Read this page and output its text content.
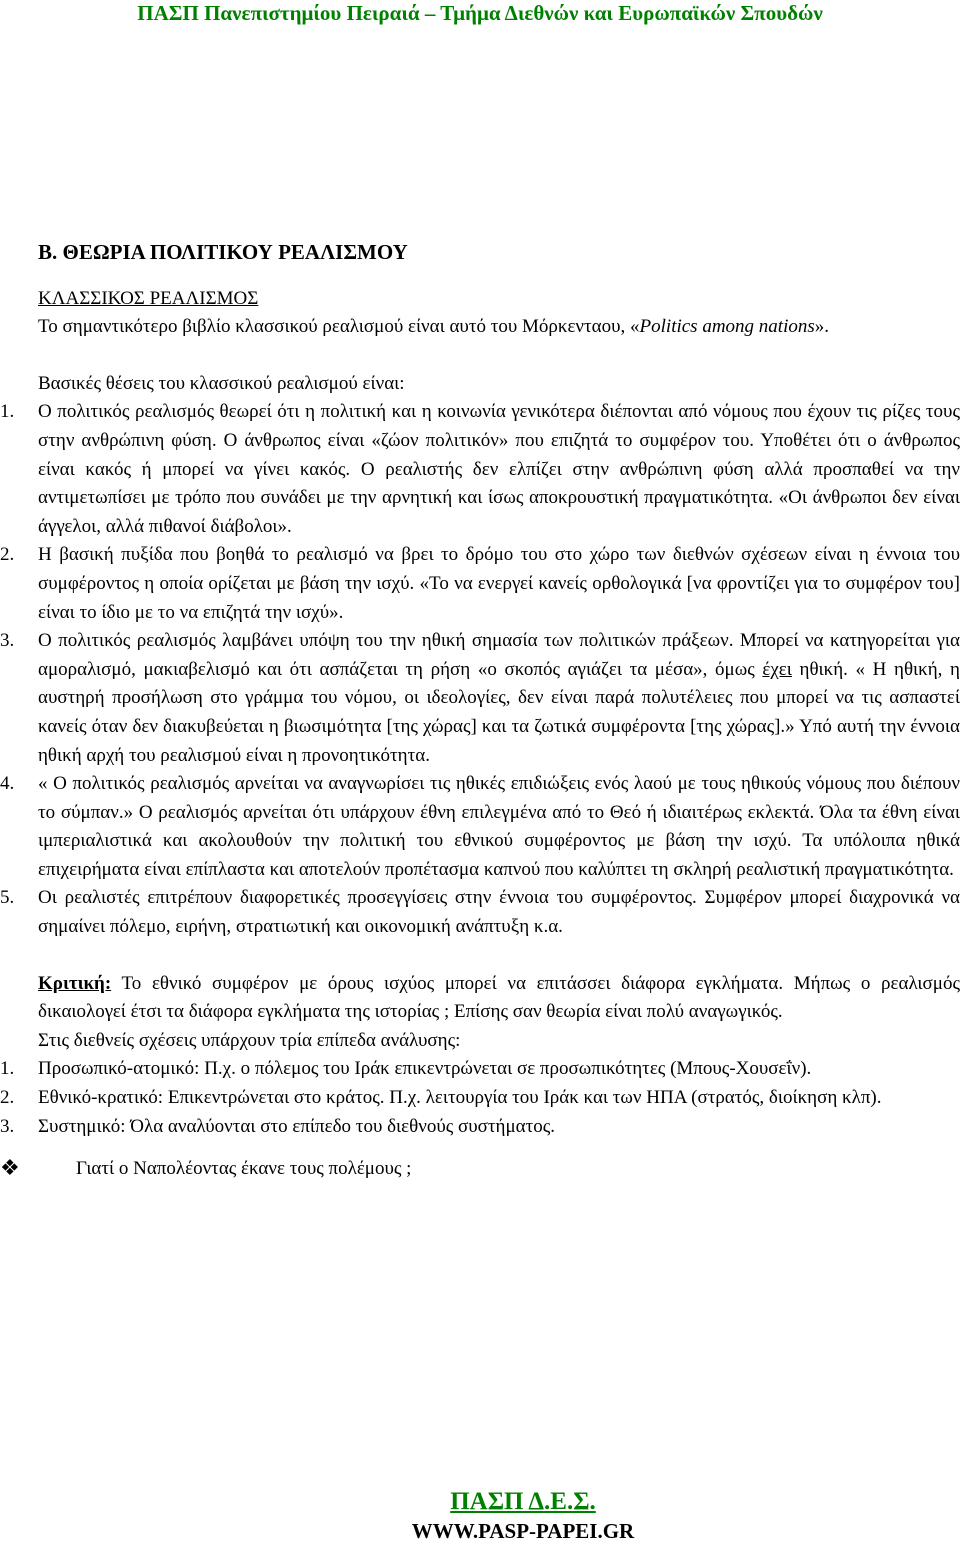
ΠΑΣΠ Πανεπιστημίου Πειραιά – Τμήμα Διεθνών και Ευρωπαϊκών Σπουδών
Β. ΘΕΩΡΙΑ ΠΟΛΙΤΙΚΟΥ ΡΕΑΛΙΣΜΟΥ
ΚΛΑΣΣΙΚΟΣ ΡΕΑΛΙΣΜΟΣ
Το σημαντικότερο βιβλίο κλασσικού ρεαλισμού είναι αυτό του Μόρκενταου, «Politics among nations».
Βασικές θέσεις του κλασσικού ρεαλισμού είναι:
1. Ο πολιτικός ρεαλισμός θεωρεί ότι η πολιτική και η κοινωνία γενικότερα διέπονται από νόμους που έχουν τις ρίζες τους στην ανθρώπινη φύση. Ο άνθρωπος είναι «ζώον πολιτικόν» που επιζητά το συμφέρον του. Υποθέτει ότι ο άνθρωπος είναι κακός ή μπορεί να γίνει κακός. Ο ρεαλιστής δεν ελπίζει στην ανθρώπινη φύση αλλά προσπαθεί να την αντιμετωπίσει με τρόπο που συνάδει με την αρνητική και ίσως αποκρουστική πραγματικότητα. «Οι άνθρωποι δεν είναι άγγελοι, αλλά πιθανοί διάβολοι».
2. Η βασική πυξίδα που βοηθά το ρεαλισμό να βρει το δρόμο του στο χώρο των διεθνών σχέσεων είναι η έννοια του συμφέροντος η οποία ορίζεται με βάση την ισχύ. «Το να ενεργεί κανείς ορθολογικά [να φροντίζει για το συμφέρον του] είναι το ίδιο με το να επιζητά την ισχύ».
3. Ο πολιτικός ρεαλισμός λαμβάνει υπόψη του την ηθική σημασία των πολιτικών πράξεων. Μπορεί να κατηγορείται για αμοραλισμό, μακιαβελισμό και ότι ασπάζεται τη ρήση «ο σκοπός αγιάζει τα μέσα», όμως έχει ηθική. « Η ηθική, η αυστηρή προσήλωση στο γράμμα του νόμου, οι ιδεολογίες, δεν είναι παρά πολυτέλειες που μπορεί να τις ασπαστεί κανείς όταν δεν διακυβεύεται η βιωσιμότητα [της χώρας] και τα ζωτικά συμφέροντα [της χώρας].» Υπό αυτή την έννοια ηθική αρχή του ρεαλισμού είναι η προνοητικότητα.
4. « Ο πολιτικός ρεαλισμός αρνείται να αναγνωρίσει τις ηθικές επιδιώξεις ενός λαού με τους ηθικούς νόμους που διέπουν το σύμπαν.» Ο ρεαλισμός αρνείται ότι υπάρχουν έθνη επιλεγμένα από το Θεό ή ιδιαιτέρως εκλεκτά. Όλα τα έθνη είναι ιμπεριαλιστικά και ακολουθούν την πολιτική του εθνικού συμφέροντος με βάση την ισχύ. Τα υπόλοιπα ηθικά επιχειρήματα είναι επίπλαστα και αποτελούν προπέτασμα καπνού που καλύπτει τη σκληρή ρεαλιστική πραγματικότητα.
5. Οι ρεαλιστές επιτρέπουν διαφορετικές προσεγγίσεις στην έννοια του συμφέροντος. Συμφέρον μπορεί διαχρονικά να σημαίνει πόλεμο, ειρήνη, στρατιωτική και οικονομική ανάπτυξη κ.α.
Κριτική: Το εθνικό συμφέρον με όρους ισχύος μπορεί να επιτάσσει διάφορα εγκλήματα. Μήπως ο ρεαλισμός δικαιολογεί έτσι τα διάφορα εγκλήματα της ιστορίας ; Επίσης σαν θεωρία είναι πολύ αναγωγικός.
Στις διεθνείς σχέσεις υπάρχουν τρία επίπεδα ανάλυσης:
1. Προσωπικό-ατομικό: Π.χ. ο πόλεμος του Ιράκ επικεντρώνεται σε προσωπικότητες (Μπους-Χουσεΐν).
2. Εθνικό-κρατικό: Επικεντρώνεται στο κράτος. Π.χ. λειτουργία του Ιράκ και των ΗΠΑ (στρατός, διοίκηση κλπ).
3. Συστημικό: Όλα αναλύονται στο επίπεδο του διεθνούς συστήματος.
❖	Γιατί ο Ναπολέοντας έκανε τους πολέμους ;
ΠΑΣΠ Δ.Ε.Σ.
WWW.PASP-PAPEI.GR
